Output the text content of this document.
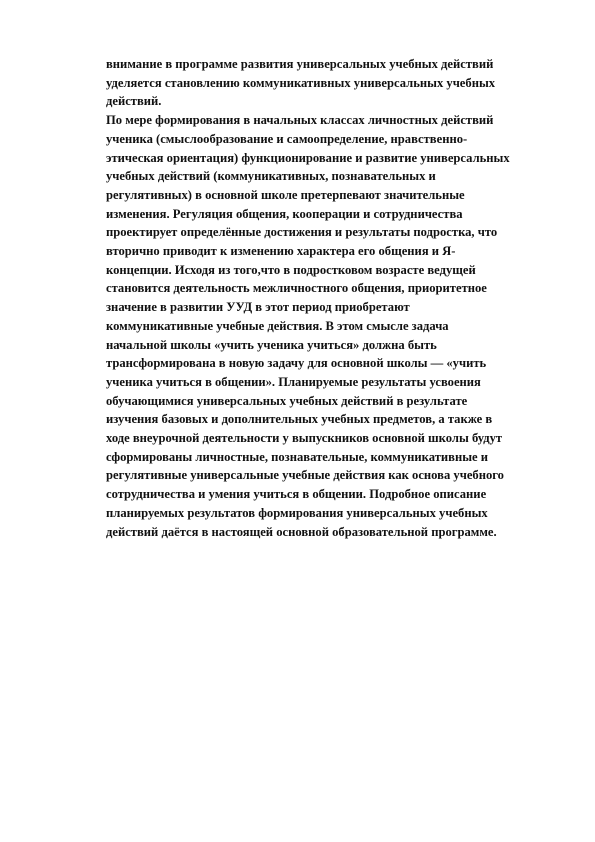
внимание в программе развития универсальных учебных действий
уделяется становлению коммуникативных универсальных учебных
действий.
По мере формирования в начальных классах личностных действий
ученика (смыслообразование и самоопределение, нравственно-
этическая ориентация) функционирование и развитие универсальных
учебных действий (коммуникативных, познавательных и
регулятивных) в основной школе претерпевают значительные
изменения. Регуляция общения, кооперации и сотрудничества
проектирует определённые достижения и результаты подростка, что
вторично приводит к изменению характера его общения и Я-
концепции. Исходя из того,что в подростковом возрасте ведущей
становится деятельность межличностного общения, приоритетное
значение в развитии УУД в этот период приобретают
коммуникативные учебные действия. В этом смысле задача
начальной школы «учить ученика учиться» должна быть
трансформирована в новую задачу для основной школы — «учить
ученика учиться в общении». Планируемые результаты усвоения
обучающимися универсальных учебных действий в результате
изучения базовых и дополнительных учебных предметов, а также в
ходе внеурочной деятельности у выпускников основной школы будут
сформированы личностные, познавательные, коммуникативные и
регулятивные универсальные учебные действия как основа учебного
сотрудничества и умения учиться в общении. Подробное описание
планируемых результатов формирования универсальных учебных
действий даётся в настоящей основной образовательной программе.
